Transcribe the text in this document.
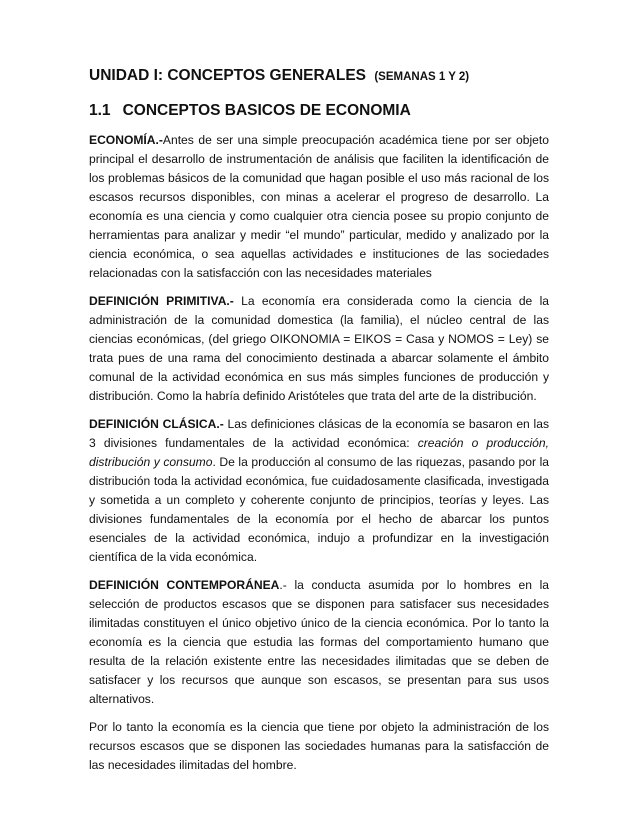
UNIDAD I: CONCEPTOS GENERALES (SEMANAS 1 Y 2)
1.1 CONCEPTOS BASICOS DE ECONOMIA

ECONOMÍA.-Antes de ser una simple preocupación académica tiene por ser objeto principal el desarrollo de instrumentación de análisis que faciliten la identificación de los problemas básicos de la comunidad que hagan posible el uso más racional de los escasos recursos disponibles, con minas a acelerar el progreso de desarrollo. La economía es una ciencia y como cualquier otra ciencia posee su propio conjunto de herramientas para analizar y medir “el mundo” particular, medido y analizado por la ciencia económica, o sea aquellas actividades e instituciones de las sociedades relacionadas con la satisfacción con las necesidades materiales

DEFINICIÓN PRIMITIVA.- La economía era considerada como la ciencia de la administración de la comunidad domestica (la familia), el núcleo central de las ciencias económicas, (del griego OIKONOMIA = EIKOS = Casa y NOMOS = Ley) se trata pues de una rama del conocimiento destinada a abarcar solamente el ámbito comunal de la actividad económica en sus más simples funciones de producción y distribución. Como la habría definido Aristóteles que trata del arte de la distribución.

DEFINICIÓN CLÁSICA.- Las definiciones clásicas de la economía se basaron en las 3 divisiones fundamentales de la actividad económica: creación o producción, distribución y consumo. De la producción al consumo de las riquezas, pasando por la distribución toda la actividad económica, fue cuidadosamente clasificada, investigada y sometida a un completo y coherente conjunto de principios, teorías y leyes. Las divisiones fundamentales de la economía por el hecho de abarcar los puntos esenciales de la actividad económica, indujo a profundizar en la investigación científica de la vida económica.

DEFINICIÓN CONTEMPORÁNEA.- la conducta asumida por lo hombres en la selección de productos escasos que se disponen para satisfacer sus necesidades ilimitadas constituyen el único objetivo único de la ciencia económica. Por lo tanto la economía es la ciencia que estudia las formas del comportamiento humano que resulta de la relación existente entre las necesidades ilimitadas que se deben de satisfacer y los recursos que aunque son escasos, se presentan para sus usos alternativos.

Por lo tanto la economía es la ciencia que tiene por objeto la administración de los recursos escasos que se disponen las sociedades humanas para la satisfacción de las necesidades ilimitadas del hombre.
